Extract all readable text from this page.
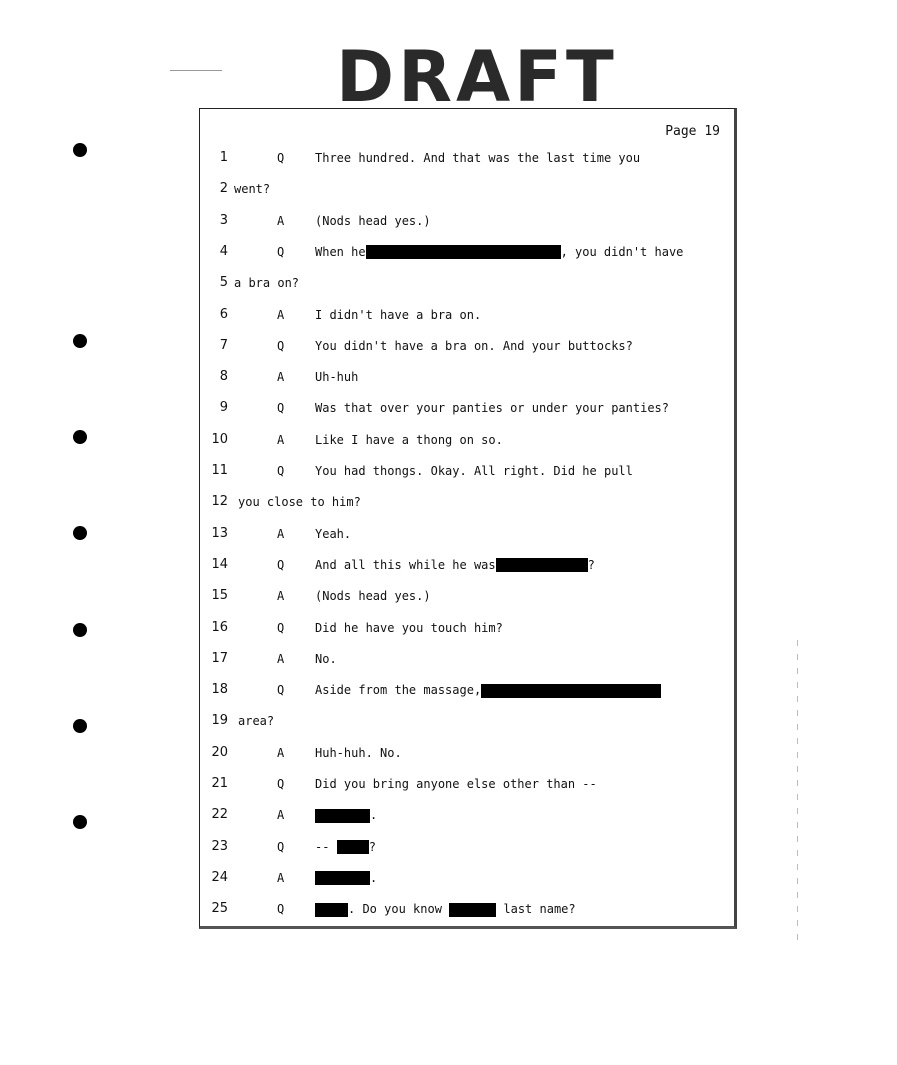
DRAFT
Page 19
1	Q	Three hundred. And that was the last time you
2 went?
3	A	(Nods head yes.)
4	Q	When he	, you didn't have
5 a bra on?
6	A	I didn't have a bra on.
7	Q	You didn't have a bra on. And your buttocks?
8	A	Uh-huh
9	Q	Was that over your panties or under your panties?
10	A	Like I have a thong on so.
11	Q	You had thongs. Okay. All right. Did he pull
12 you close to him?
13	A	Yeah.
14	Q	And all this while he was	?
15	A	(Nods head yes.)
16	Q	Did he have you touch him?
17	A	No.
18	Q	Aside from the massage,
19 area?
20	A	Huh-huh. No.
21	Q	Did you bring anyone else other than --
22	A	.
23	Q	--	?
24	A	.
25	Q	. Do you know	last name?
